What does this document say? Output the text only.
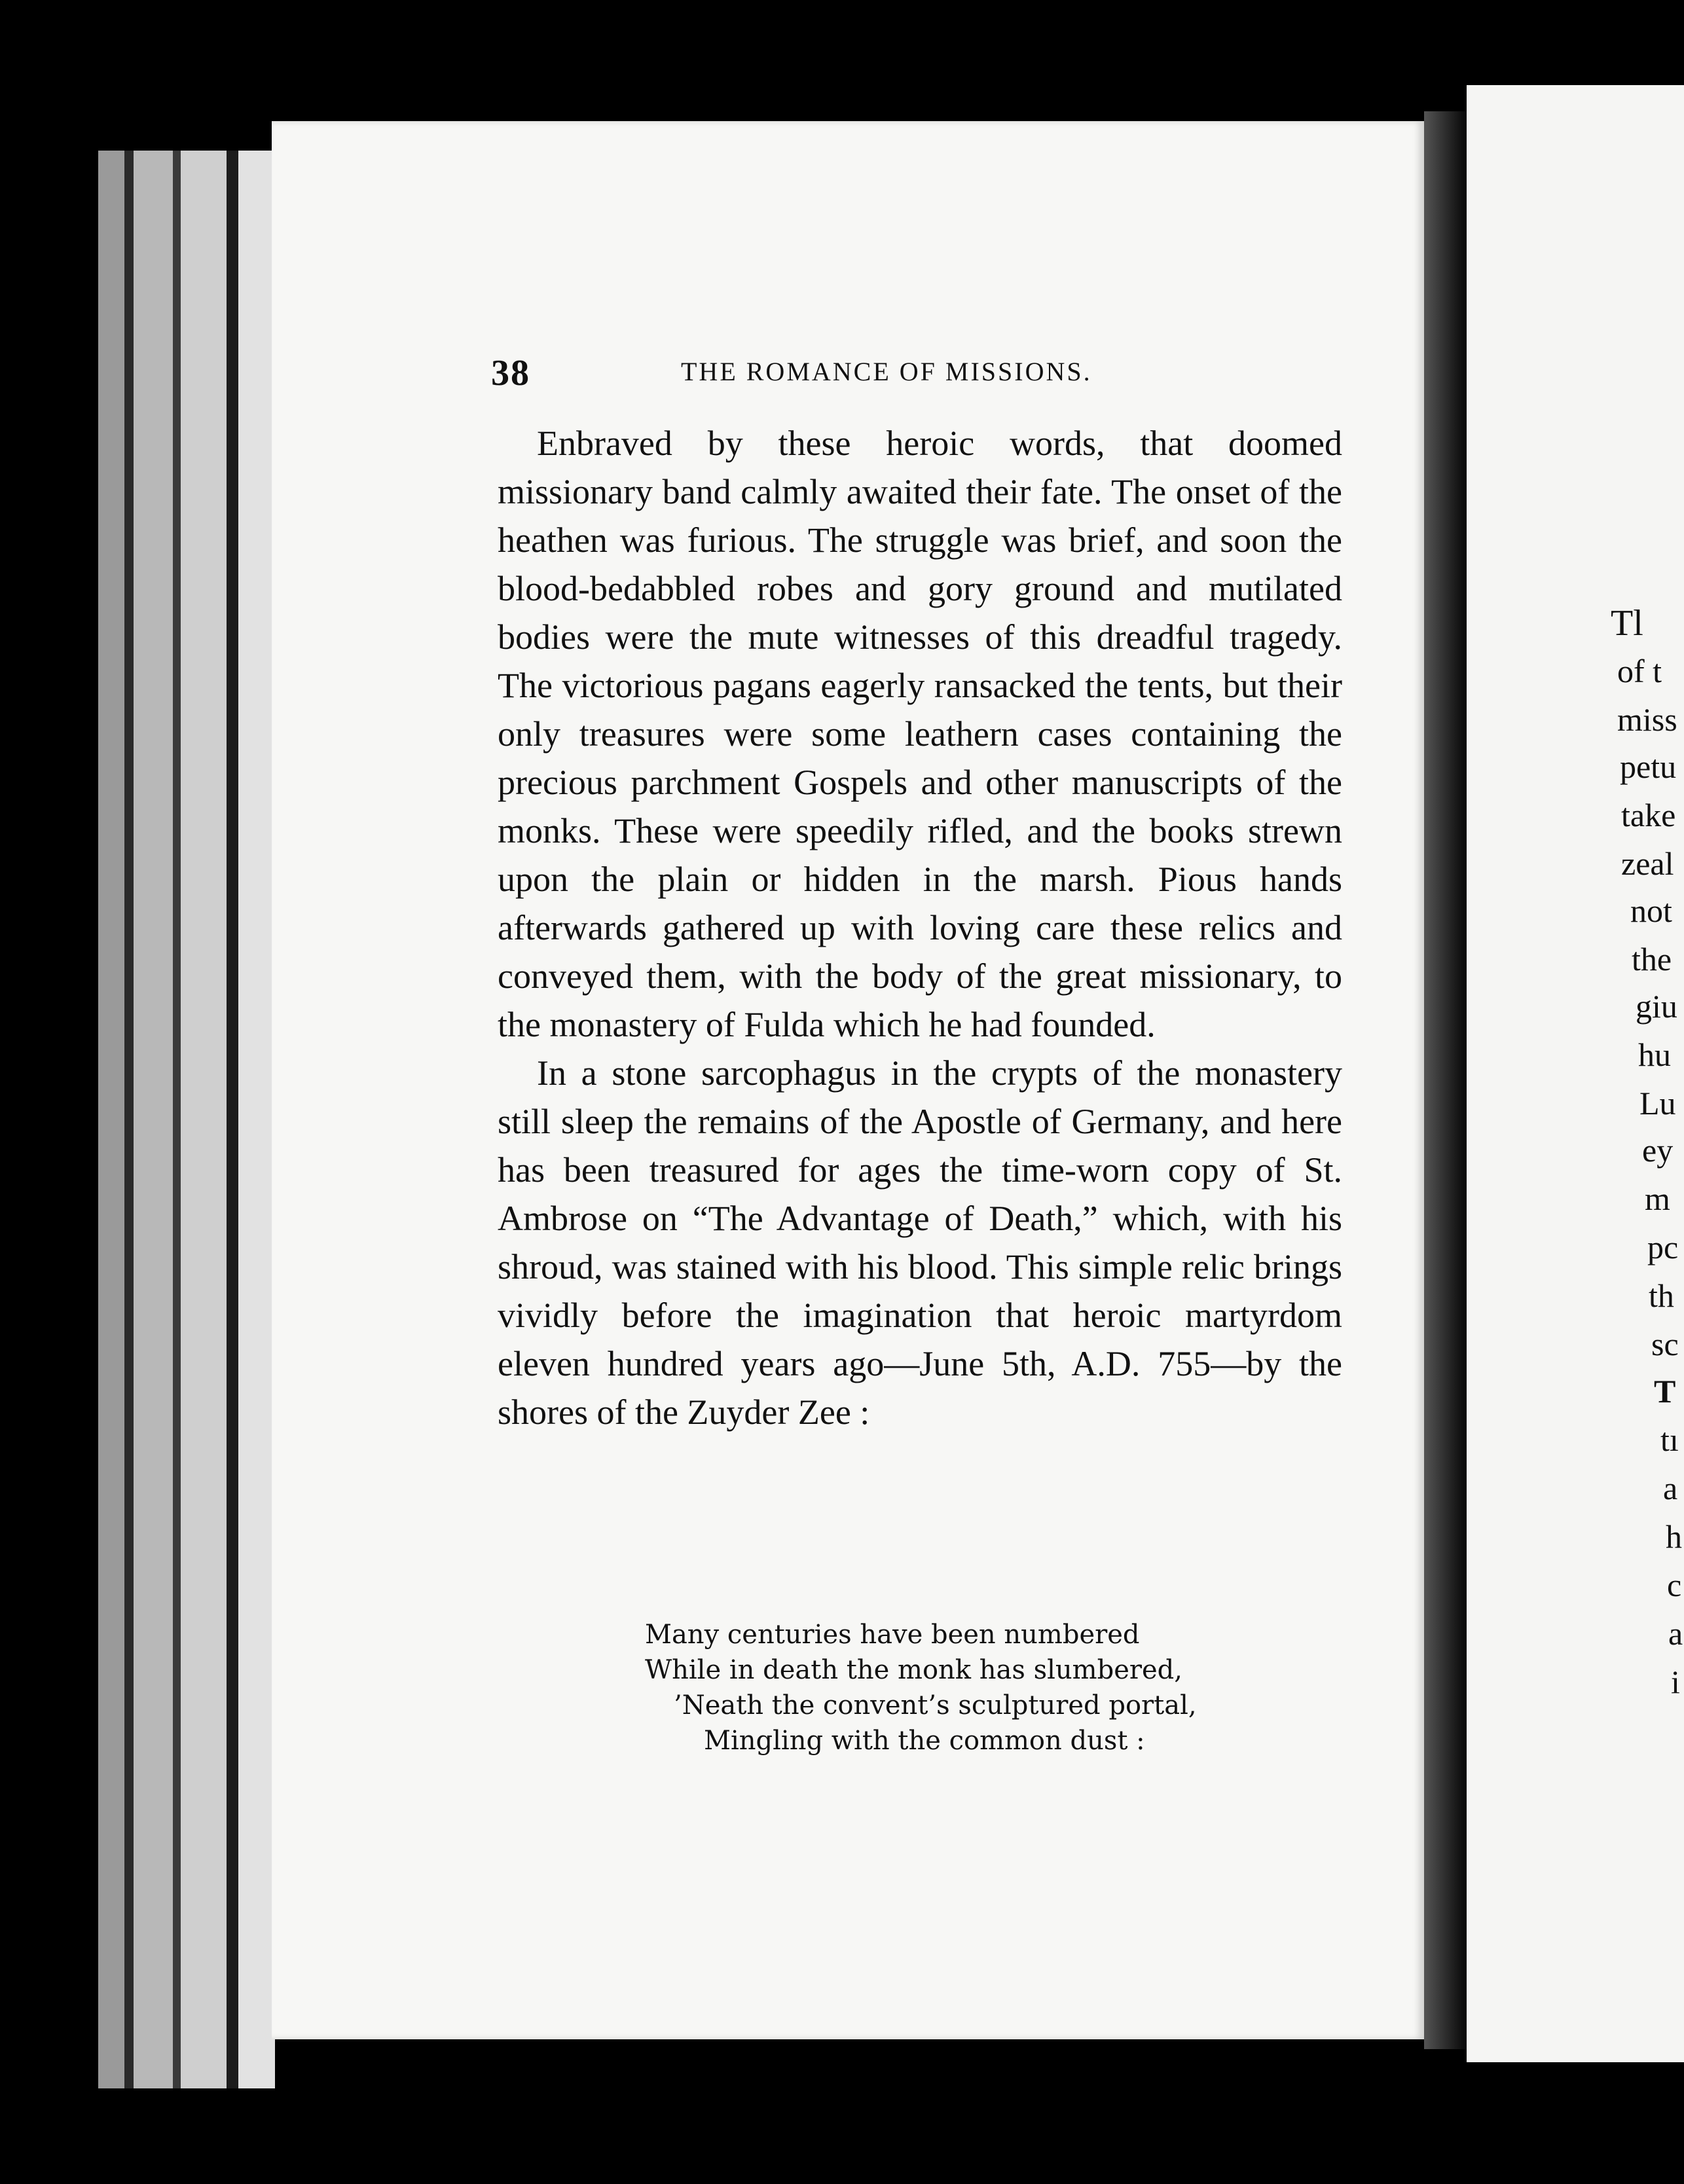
38	THE ROMANCE OF MISSIONS.

Enbraved by these heroic words, that doomed missionary band calmly awaited their fate. The onset of the heathen was furious. The struggle was brief, and soon the blood-bedabbled robes and gory ground and mutilated bodies were the mute witnesses of this dreadful tragedy. The victorious pagans eagerly ransacked the tents, but their only treasures were some leathern cases containing the precious parchment Gospels and other manuscripts of the monks. These were speedily rifled, and the books strewn upon the plain or hidden in the marsh. Pious hands afterwards gathered up with loving care these relics and conveyed them, with the body of the great missionary, to the monastery of Fulda which he had founded.

In a stone sarcophagus in the crypts of the monastery still sleep the remains of the Apostle of Germany, and here has been treasured for ages the time-worn copy of St. Ambrose on “The Advantage of Death,” which, with his shroud, was stained with his blood. This simple relic brings vividly before the imagination that heroic martyrdom eleven hundred years ago—June 5th, A.D. 755—by the shores of the Zuyder Zee :

Many centuries have been numbered
While in death the monk has slumbered,
’Neath the convent’s sculptured portal,
Mingling with the common dust :
Tl
of t
miss
petu
take
zeal
not
the
giu
hu
Lu
ey
m
pc
th
sc
T
tı
a
h
c
a
i
